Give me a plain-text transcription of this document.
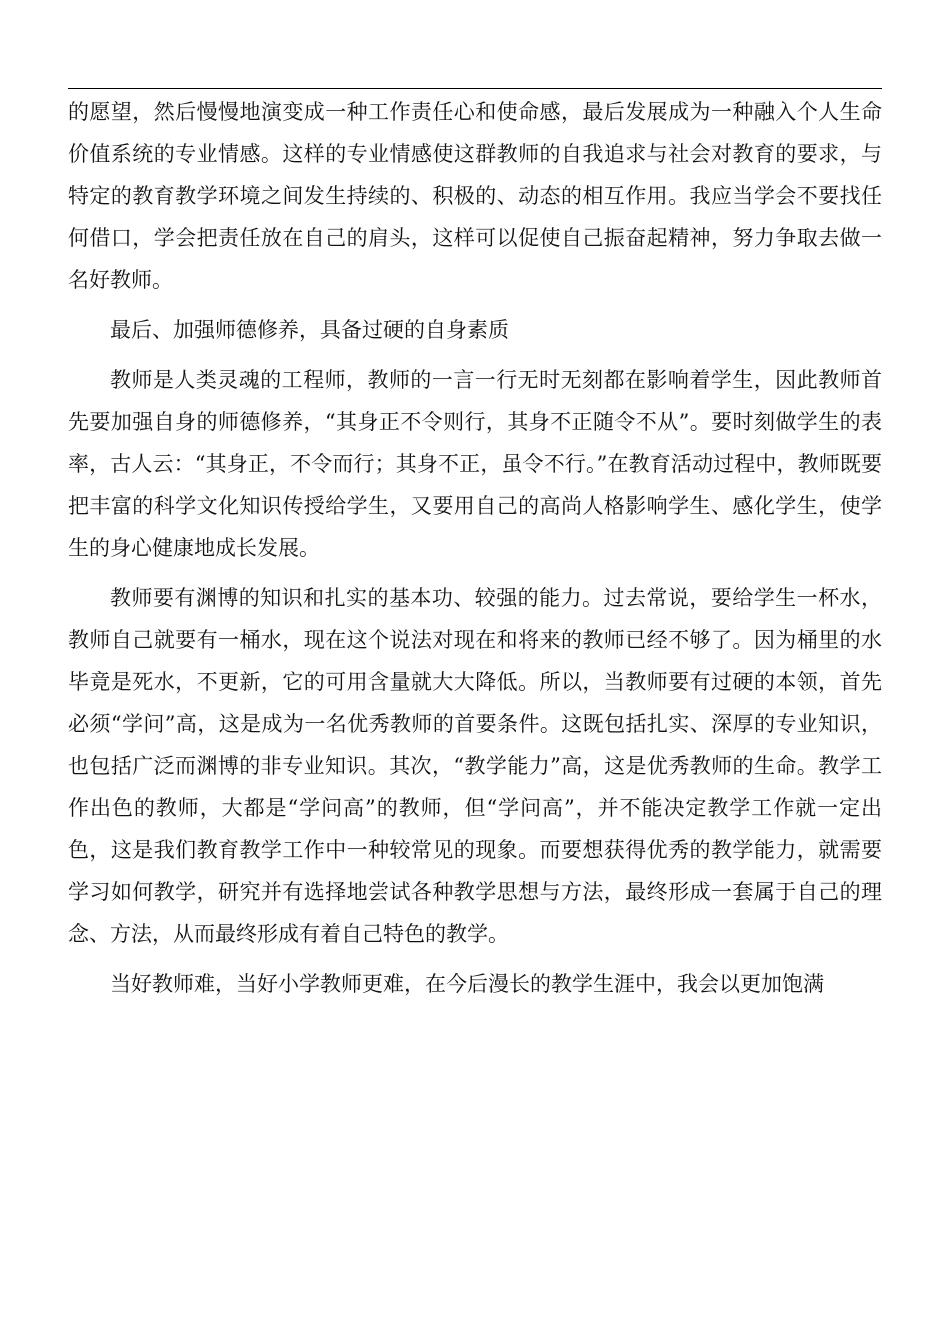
的愿望，然后慢慢地演变成一种工作责任心和使命感，最后发展成为一种融入个人生命价值系统的专业情感。这样的专业情感使这群教师的自我追求与社会对教育的要求，与特定的教育教学环境之间发生持续的、积极的、动态的相互作用。我应当学会不要找任何借口，学会把责任放在自己的肩头，这样可以促使自己振奋起精神，努力争取去做一名好教师。

最后、加强师德修养，具备过硬的自身素质

教师是人类灵魂的工程师，教师的一言一行无时无刻都在影响着学生，因此教师首先要加强自身的师德修养，“其身正不令则行，其身不正随令不从”。要时刻做学生的表率，古人云：“其身正，不令而行；其身不正，虽令不行。”在教育活动过程中，教师既要把丰富的科学文化知识传授给学生，又要用自己的高尚人格影响学生、感化学生，使学生的身心健康地成长发展。

教师要有渊博的知识和扎实的基本功、较强的能力。过去常说，要给学生一杯水，教师自己就要有一桶水，现在这个说法对现在和将来的教师已经不够了。因为桶里的水毕竟是死水，不更新，它的可用含量就大大降低。所以，当教师要有过硬的本领，首先必须“学问”高，这是成为一名优秀教师的首要条件。这既包括扎实、深厚的专业知识，也包括广泛而渊博的非专业知识。其次，“教学能力”高，这是优秀教师的生命。教学工作出色的教师，大都是“学问高”的教师，但“学问高”，并不能决定教学工作就一定出色，这是我们教育教学工作中一种较常见的现象。而要想获得优秀的教学能力，就需要学习如何教学，研究并有选择地尝试各种教学思想与方法，最终形成一套属于自己的理念、方法，从而最终形成有着自己特色的教学。

当好教师难，当好小学教师更难，在今后漫长的教学生涯中，我会以更加饱满
